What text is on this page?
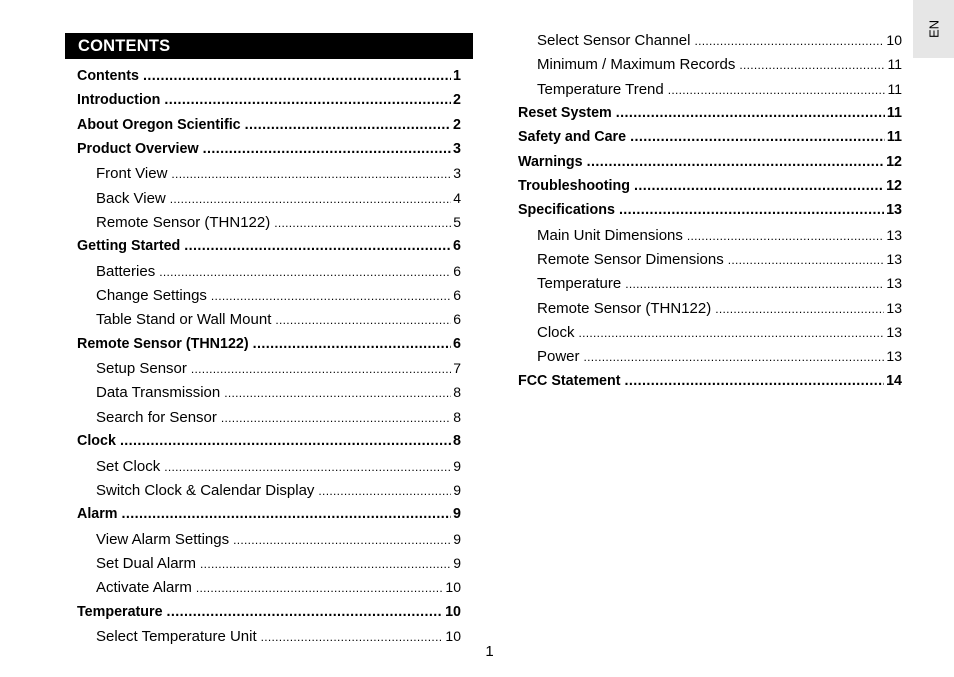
CONTENTS
EN
Contents .....	1
Introduction .....	2
About Oregon Scientific .....	2
Product Overview .....	3
Front View .....	3
Back View .....	4
Remote Sensor (THN122) .....	5
Getting Started .....	6
Batteries .....	6
Change Settings .....	6
Table Stand or Wall Mount .....	6
Remote Sensor (THN122) .....	6
Setup Sensor .....	7
Data Transmission .....	8
Search for Sensor .....	8
Clock .....	8
Set Clock .....	9
Switch Clock & Calendar Display .....	9
Alarm .....	9
View Alarm Settings .....	9
Set Dual Alarm .....	9
Activate Alarm .....	10
Temperature .....	10
Select Temperature Unit .....	10
Select Sensor Channel .....	10
Minimum / Maximum Records .....	11
Temperature Trend .....	11
Reset System .....	11
Safety and Care .....	11
Warnings .....	12
Troubleshooting .....	12
Specifications .....	13
Main Unit Dimensions .....	13
Remote Sensor Dimensions .....	13
Temperature .....	13
Remote Sensor (THN122) .....	13
Clock .....	13
Power .....	13
FCC Statement .....	14
1
